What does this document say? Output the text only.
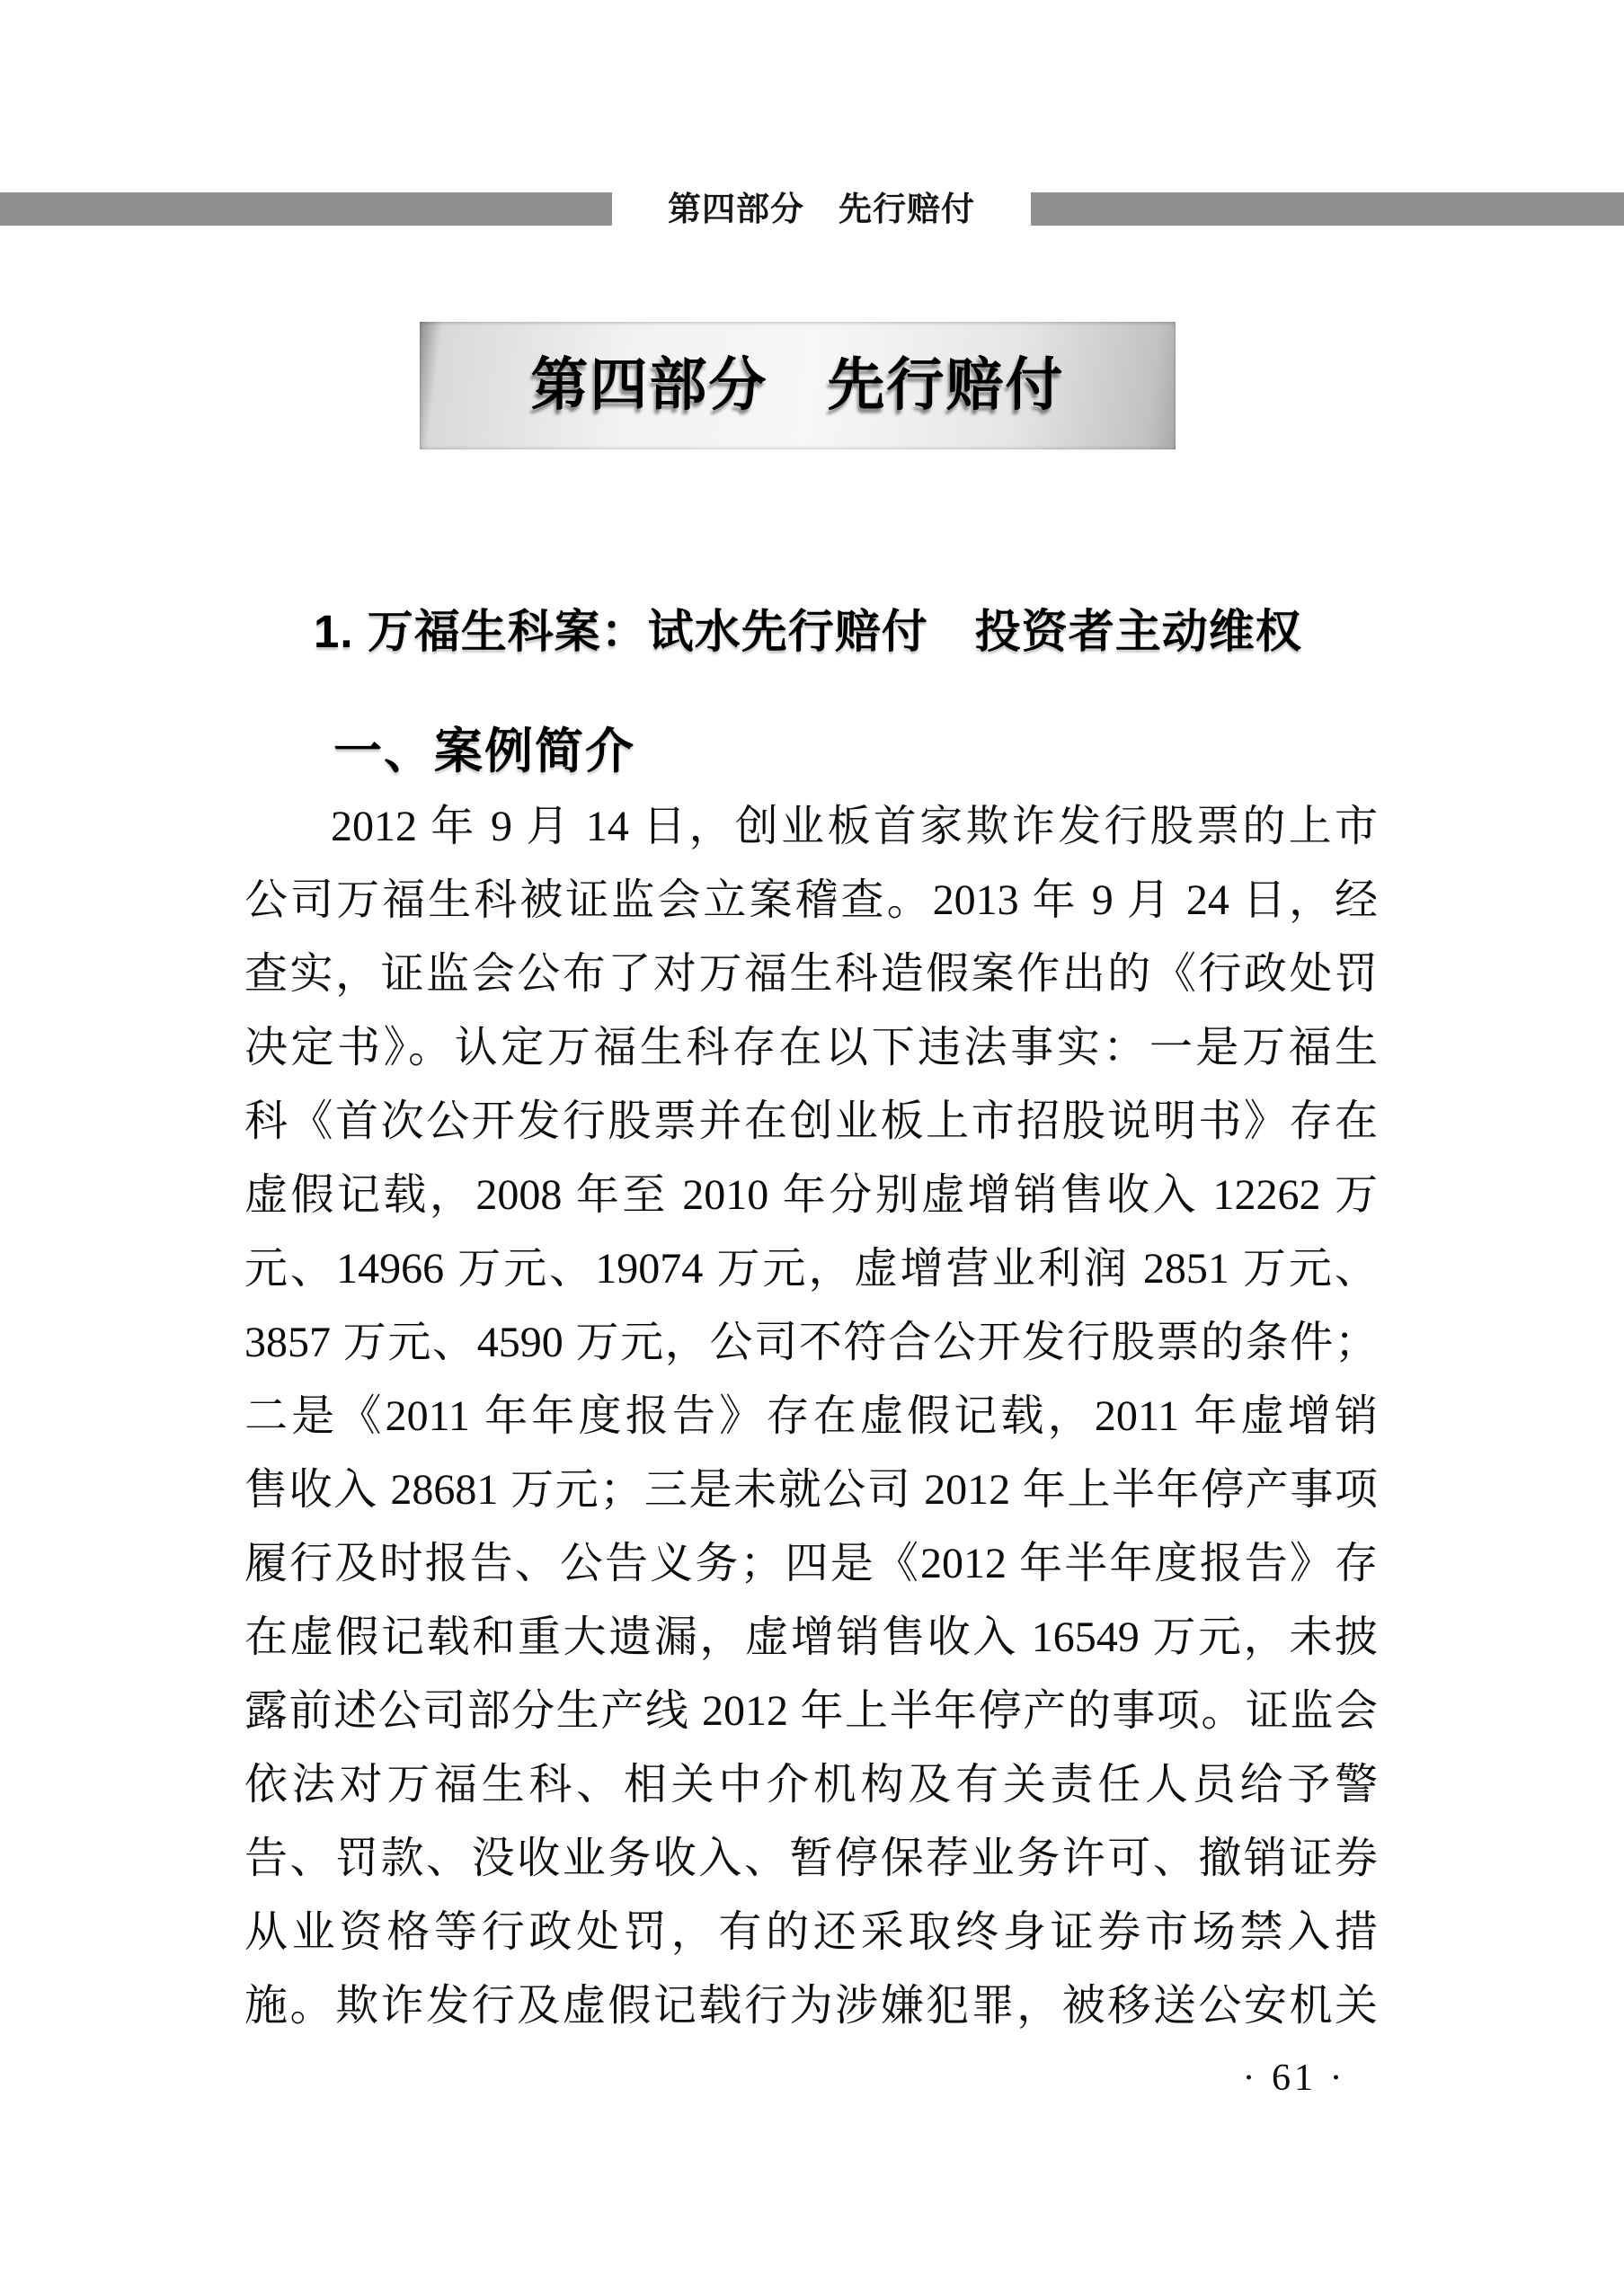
第四部分　先行赔付
第四部分　先行赔付
1. 万福生科案：试水先行赔付　投资者主动维权
一、案例简介
2012 年 9 月 14 日，创业板首家欺诈发行股票的上市
公司万福生科被证监会立案稽查。2013 年 9 月 24 日，经
查实，证监会公布了对万福生科造假案作出的《行政处罚
决定书》。认定万福生科存在以下违法事实：一是万福生
科《首次公开发行股票并在创业板上市招股说明书》存在
虚假记载，2008 年至 2010 年分别虚增销售收入 12262 万
元、14966 万元、19074 万元，虚增营业利润 2851 万元、
3857 万元、4590 万元，公司不符合公开发行股票的条件；
二是《2011 年年度报告》存在虚假记载，2011 年虚增销
售收入 28681 万元；三是未就公司 2012 年上半年停产事项
履行及时报告、公告义务；四是《2012 年半年度报告》存
在虚假记载和重大遗漏，虚增销售收入 16549 万元，未披
露前述公司部分生产线 2012 年上半年停产的事项。证监会
依法对万福生科、相关中介机构及有关责任人员给予警
告、罚款、没收业务收入、暂停保荐业务许可、撤销证券
从业资格等行政处罚，有的还采取终身证券市场禁入措
施。欺诈发行及虚假记载行为涉嫌犯罪，被移送公安机关
· 61 ·
